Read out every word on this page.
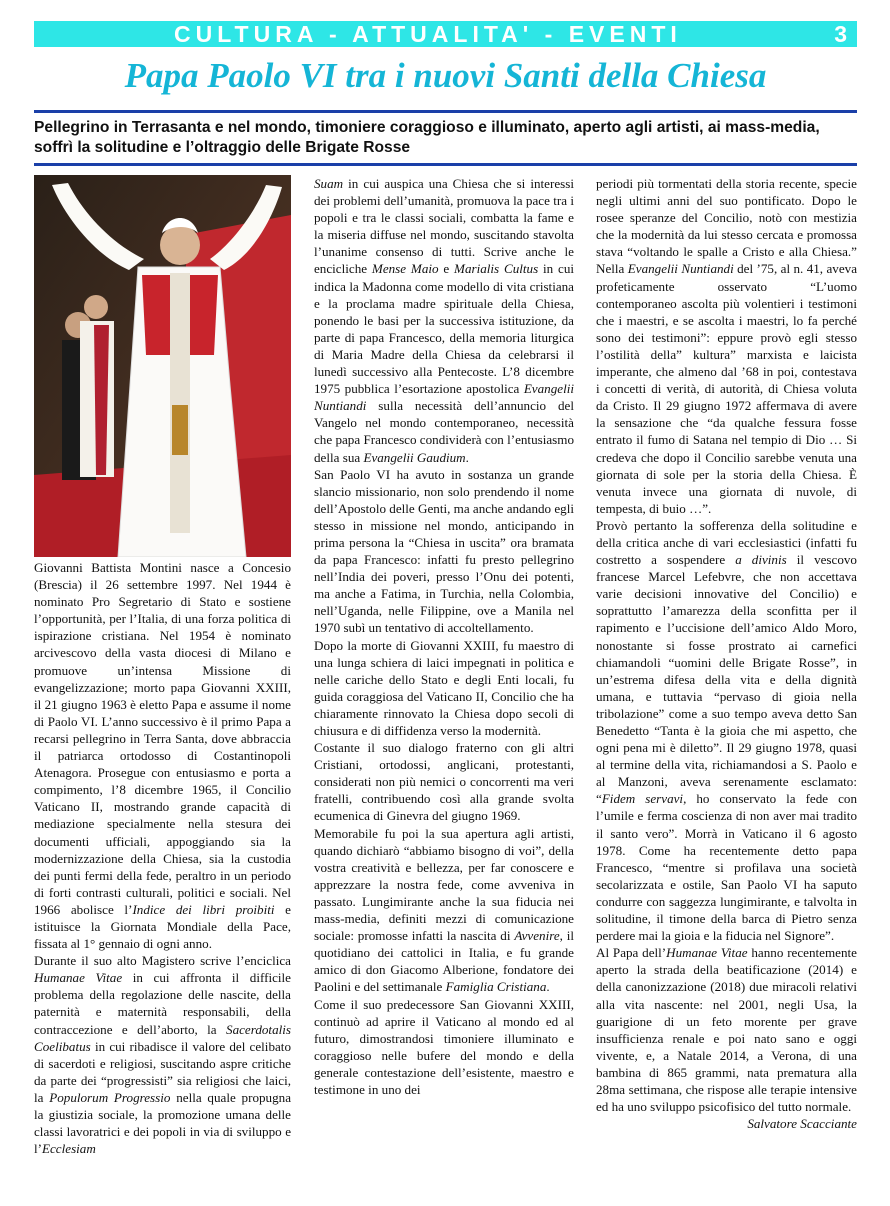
CULTURA - ATTUALITA' - EVENTI	3
Papa Paolo VI tra i nuovi Santi della Chiesa
Pellegrino in Terrasanta e nel mondo, timoniere coraggioso e illuminato, aperto agli artisti, ai mass-media, soffrì la solitudine e l’oltraggio delle Brigate Rosse

Giovanni Battista Montini nasce a Concesio (Brescia) il 26 settembre 1997. Nel 1944 è nominato Pro Segretario di Stato e sostiene l’opportunità, per l’Italia, di una forza politica di ispirazione cristiana. Nel 1954 è nominato arcivescovo della vasta diocesi di Milano e promuove un’intensa Missione di evangelizzazione; morto papa Giovanni XXIII, il 21 giugno 1963 è eletto Papa e assume il nome di Paolo VI. L’anno successivo è il primo Papa a recarsi pellegrino in Terra Santa, dove abbraccia il patriarca ortodosso di Costantinopoli Atenagora. Prosegue con entusiasmo e porta a compimento, l’8 dicembre 1965, il Concilio Vaticano II, mostrando grande capacità di mediazione specialmente nella stesura dei documenti ufficiali, appoggiando sia la modernizzazione della Chiesa, sia la custodia dei punti fermi della fede, peraltro in un periodo di forti contrasti culturali, politici e sociali. Nel 1966 abolisce l’Indice dei libri proibiti e istituisce la Giornata Mondiale della Pace, fissata al 1° gennaio di ogni anno.

Durante il suo alto Magistero scrive l’enciclica Humanae Vitae in cui affronta il difficile problema della regolazione delle nascite, della paternità e maternità responsabili, della contraccezione e dell’aborto, la Sacerdotalis Coelibatus in cui ribadisce il valore del celibato di sacerdoti e religiosi, suscitando aspre critiche da parte dei “progressisti” sia religiosi che laici, la Populorum Progressio nella quale propugna la giustizia sociale, la promozione umana delle classi lavoratrici e dei popoli in via di sviluppo e l’Ecclesiam

Suam in cui auspica una Chiesa che si interessi dei problemi dell’umanità, promuova la pace tra i popoli e tra le classi sociali, combatta la fame e la miseria diffuse nel mondo, suscitando stavolta l’unanime consenso di tutti. Scrive anche le encicliche Mense Maio e Marialis Cultus in cui indica la Madonna come modello di vita cristiana e la proclama madre spirituale della Chiesa, ponendo le basi per la successiva istituzione, da parte di papa Francesco, della memoria liturgica di Maria Madre della Chiesa da celebrarsi il lunedì successivo alla Pentecoste. L’8 dicembre 1975 pubblica l’esortazione apostolica Evangelii Nuntiandi sulla necessità dell’annuncio del Vangelo nel mondo contemporaneo, necessità che papa Francesco condividerà con l’entusiasmo della sua Evangelii Gaudium.

San Paolo VI ha avuto in sostanza un grande slancio missionario, non solo prendendo il nome dell’Apostolo delle Genti, ma anche andando egli stesso in missione nel mondo, anticipando in prima persona la “Chiesa in uscita” ora bramata da papa Francesco: infatti fu presto pellegrino nell’India dei poveri, presso l’Onu dei potenti, ma anche a Fatima, in Turchia, nella Colombia, nell’Uganda, nelle Filippine, ove a Manila nel 1970 subì un tentativo di accoltellamento.

Dopo la morte di Giovanni XXIII, fu maestro di una lunga schiera di laici impegnati in politica e nelle cariche dello Stato e degli Enti locali, fu guida coraggiosa del Vaticano II, Concilio che ha chiaramente rinnovato la Chiesa dopo secoli di chiusura e di diffidenza verso la modernità.

Costante il suo dialogo fraterno con gli altri Cristiani, ortodossi, anglicani, protestanti, considerati non più nemici o concorrenti ma veri fratelli, contribuendo così alla grande svolta ecumenica di Ginevra del giugno 1969.

Memorabile fu poi la sua apertura agli artisti, quando dichiarò “abbiamo bisogno di voi”, della vostra creatività e bellezza, per far conoscere e apprezzare la nostra fede, come avveniva in passato. Lungimirante anche la sua fiducia nei mass-media, definiti mezzi di comunicazione sociale: promosse infatti la nascita di Avvenire, il quotidiano dei cattolici in Italia, e fu grande amico di don Giacomo Alberione, fondatore dei Paolini e del settimanale Famiglia Cristiana.

Come il suo predecessore San Giovanni XXIII, continuò ad aprire il Vaticano al mondo ed al futuro, dimostrandosi timoniere illuminato e coraggioso nelle bufere del mondo e della generale contestazione dell’esistente, maestro e testimone in uno dei

periodi più tormentati della storia recente, specie negli ultimi anni del suo pontificato. Dopo le rosee speranze del Concilio, notò con mestizia che la modernità da lui stesso cercata e promossa stava “voltando le spalle a Cristo e alla Chiesa.” Nella Evangelii Nuntiandi del ’75, al n. 41, aveva profeticamente osservato “L’uomo contemporaneo ascolta più volentieri i testimoni che i maestri, e se ascolta i maestri, lo fa perché sono dei testimoni”: eppure provò egli stesso l’ostilità della” kultura” marxista e laicista imperante, che almeno dal ’68 in poi, contestava i concetti di verità, di autorità, di Chiesa voluta da Cristo. Il 29 giugno 1972 affermava di avere la sensazione che “da qualche fessura fosse entrato il fumo di Satana nel tempio di Dio … Si credeva che dopo il Concilio sarebbe venuta una giornata di sole per la storia della Chiesa. È venuta invece una giornata di nuvole, di tempesta, di buio …”.

Provò pertanto la sofferenza della solitudine e della critica anche di vari ecclesiastici (infatti fu costretto a sospendere a divinis il vescovo francese Marcel Lefebvre, che non accettava varie decisioni innovative del Concilio) e soprattutto l’amarezza della sconfitta per il rapimento e l’uccisione dell’amico Aldo Moro, nonostante si fosse prostrato ai carnefici chiamandoli “uomini delle Brigate Rosse”, in un’estrema difesa della vita e della dignità umana, e tuttavia “pervaso di gioia nella tribolazione” come a suo tempo aveva detto San Benedetto “Tanta è la gioia che mi aspetto, che ogni pena mi è diletto”. Il 29 giugno 1978, quasi al termine della vita, richiamandosi a S. Paolo e al Manzoni, aveva serenamente esclamato: “Fidem servavi, ho conservato la fede con l’umile e ferma coscienza di non aver mai tradito il santo vero”. Morrà in Vaticano il 6 agosto 1978. Come ha recentemente detto papa Francesco, “mentre si profilava una società secolarizzata e ostile, San Paolo VI ha saputo condurre con saggezza lungimirante, e talvolta in solitudine, il timone della barca di Pietro senza perdere mai la gioia e la fiducia nel Signore”.

Al Papa dell’Humanae Vitae hanno recentemente aperto la strada della beatificazione (2014) e della canonizzazione (2018) due miracoli relativi alla vita nascente: nel 2001, negli Usa, la guarigione di un feto morente per grave insufficienza renale e poi nato sano e oggi vivente, e, a Natale 2014, a Verona, di una bambina di 865 grammi, nata prematura alla 28ma settimana, che rispose alle terapie intensive ed ha uno sviluppo psicofisico del tutto normale.

Salvatore Scacciante
